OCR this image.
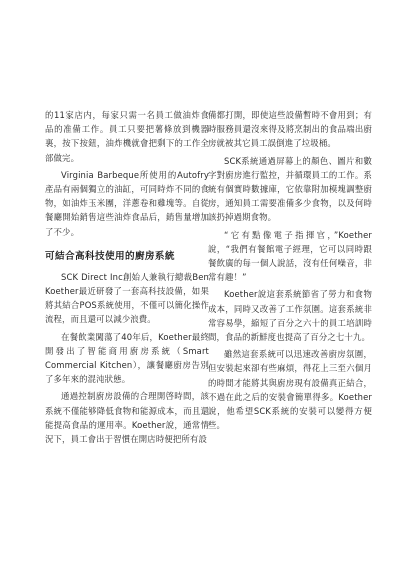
的11家店内，每家只需一名員工做油炸食品的准備工作。員工只要把薯條放到機器裏，按下按鈕，油炸機就會把剩下的工作全部做完。

Virginia Barbeque所使用的Autofry產品有兩個獨立的油缸，可同時炸不同的食物，如油炸玉米團，洋蔥卷和雞塊等。自從餐廳開始銷售這些油炸食品后，銷售量增加了不少。

可結合高科技使用的廚房系統

SCK Direct Inc創始人兼執行總裁Ben Koether最近研發了一套高科技設備，如果將其結合POS系統使用，不僅可以簡化操作流程，而且還可以減少浪費。

在餐飲業闖蕩了40年后，Koether最終開發出了智能商用廚房系統（Smart Commercial Kitchen），讓餐廳廚房告別了多年來的混沌狀態。

通過控制廚房設備的合理開啓時間，該系統不僅能够降低食物和能源成本，而且還能提高食品的運用率。Koether說，通常情況下，員工會出于習慣在開店時便把所有設

備都打開，即使這些設備暫時不會用到；有時服務員還沒來得及將烹制出的食品端出廚房就被其它員工誤倒進了垃圾桶。

SCK系統通過屏幕上的顏色、圖片和數字對廚房進行監控，并循環員工的工作。系統有個實時數據庫，它依靠附加模塊調整廚房，通知員工需要准備多少食物，以及何時該扔掉過期食物。

“它有點像電子指揮官，”Koether說，“我們有餐館電子經理，它可以同時跟餐飲廣的每一個人說話，沒有任何噪音，非常有趣！”

Koether說這套系統節省了勞力和食物成本，同時又改善了工作氛圍。這套系統非常容易學，縮短了百分之六十的員工培訓時間，食品的新鮮度也提高了百分之七十九。

雖然這套系統可以迅速改善廚房氛圍，但安裝起來卻有些麻煩，得花上三至六個月的時間才能將其與廚房現有設備真正結合，不過在此之后的安裝會簡單得多。Koether說，他希望SCK系統的安裝可以變得方便些。
